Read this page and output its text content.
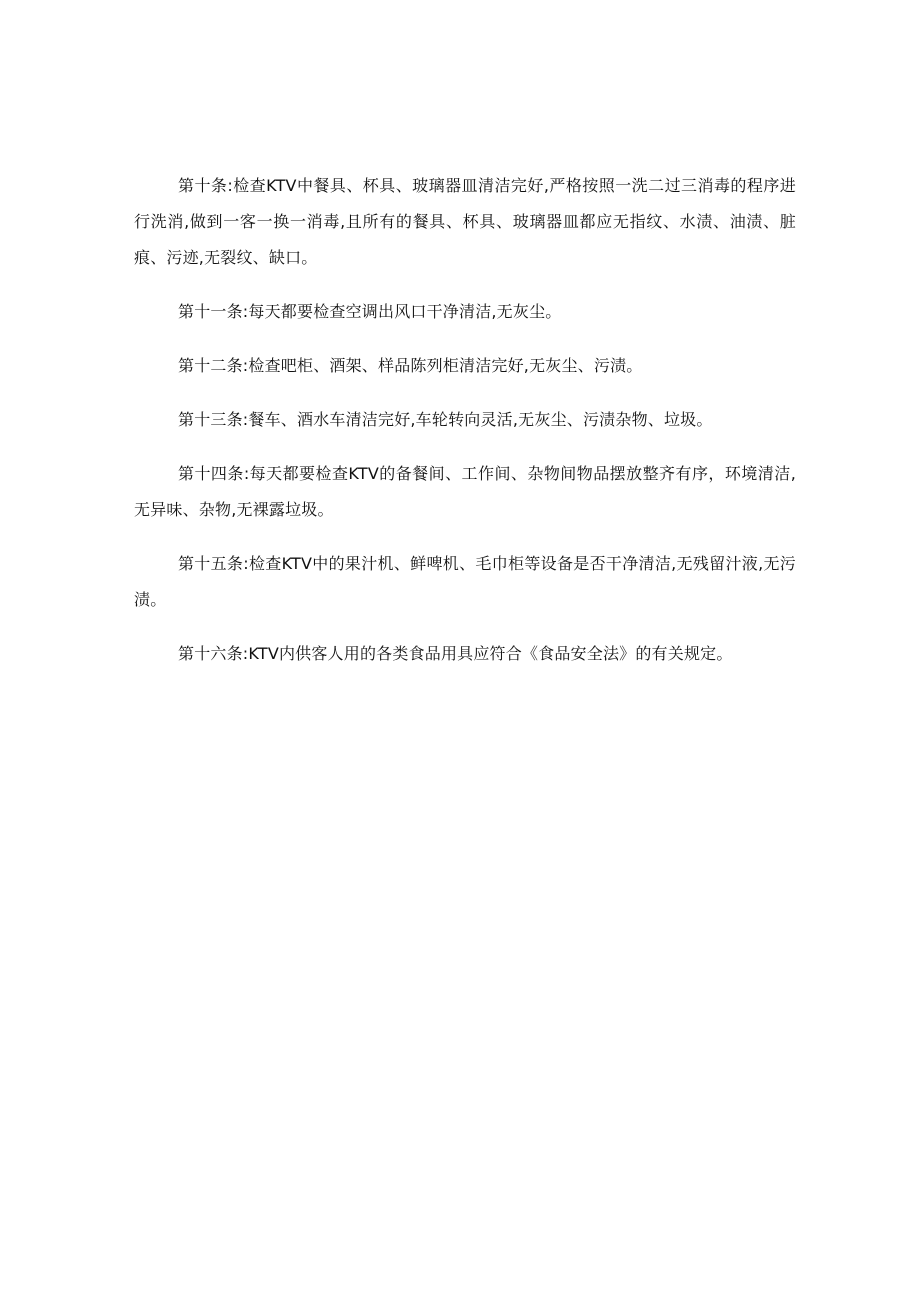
第十条:检查KTV中餐具、杯具、玻璃器皿清洁完好,严格按照一洗二过三消毒的程序进行洗消,做到一客一换一消毒,且所有的餐具、杯具、玻璃器皿都应无指纹、水渍、油渍、脏痕、污迹,无裂纹、缺口。

第十一条:每天都要检查空调出风口干净清洁,无灰尘。

第十二条:检查吧柜、酒架、样品陈列柜清洁完好,无灰尘、污渍。

第十三条:餐车、酒水车清洁完好,车轮转向灵活,无灰尘、污渍杂物、垃圾。

第十四条:每天都要检查KTV的备餐间、工作间、杂物间物品摆放整齐有序，环境清洁,无异味、杂物,无裸露垃圾。

第十五条:检查KTV中的果汁机、鲜啤机、毛巾柜等设备是否干净清洁,无残留汁液,无污渍。

第十六条:KTV内供客人用的各类食品用具应符合《食品安全法》的有关规定。
